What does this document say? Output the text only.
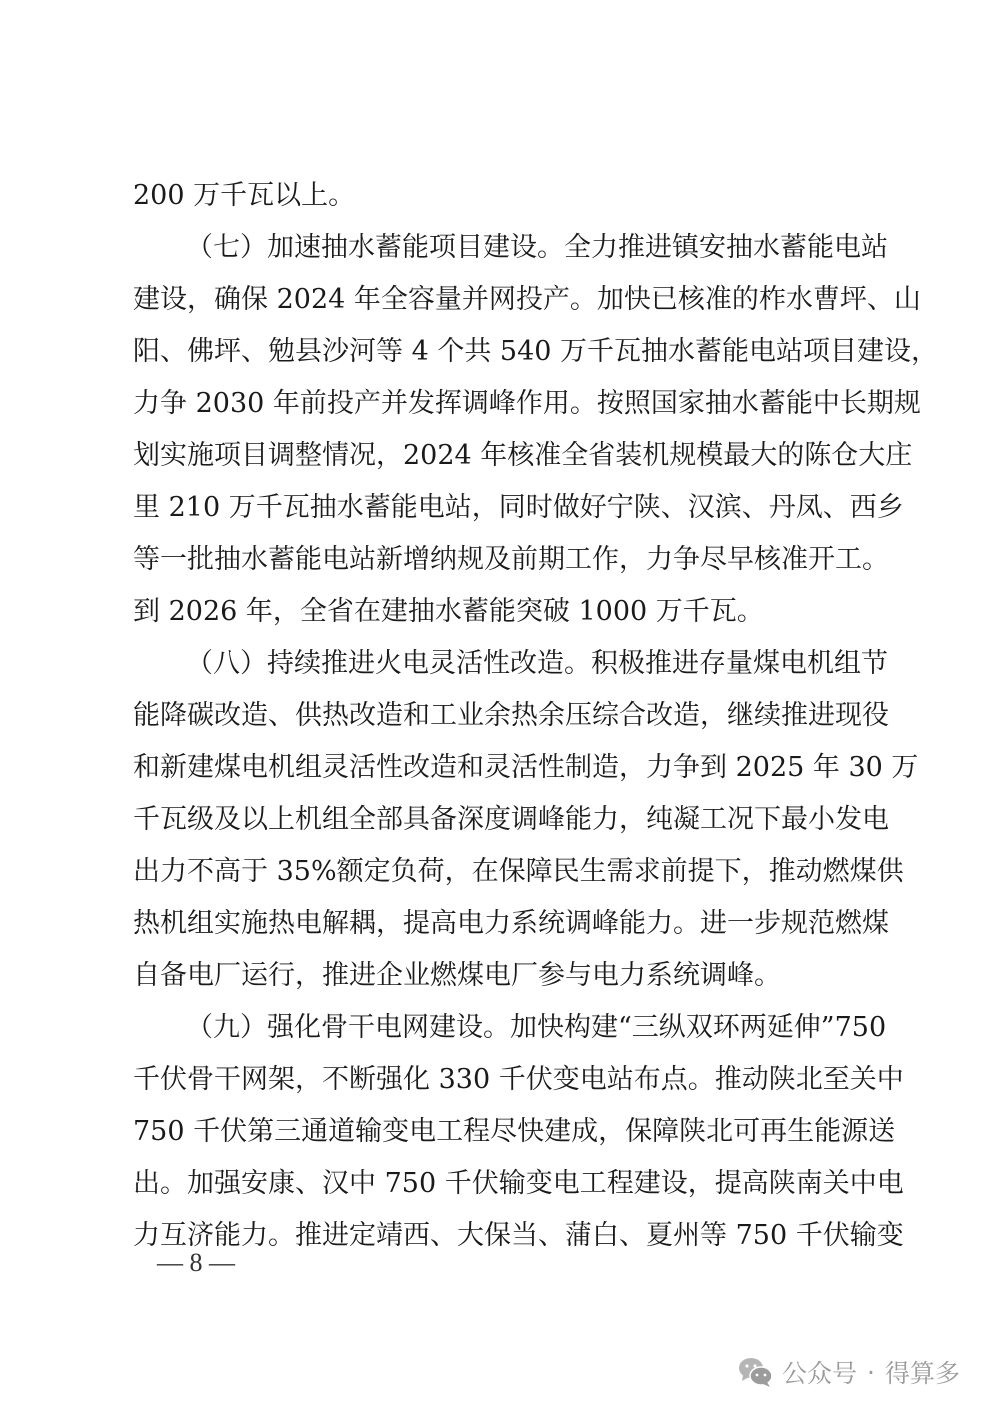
200 万千瓦以上。
（七）加速抽水蓄能项目建设。全力推进镇安抽水蓄能电站
建设，确保 2024 年全容量并网投产。加快已核准的柞水曹坪、山
阳、佛坪、勉县沙河等 4 个共 540 万千瓦抽水蓄能电站项目建设，
力争 2030 年前投产并发挥调峰作用。按照国家抽水蓄能中长期规
划实施项目调整情况，2024 年核准全省装机规模最大的陈仓大庄
里 210 万千瓦抽水蓄能电站，同时做好宁陕、汉滨、丹凤、西乡
等一批抽水蓄能电站新增纳规及前期工作，力争尽早核准开工。
到 2026 年，全省在建抽水蓄能突破 1000 万千瓦。
（八）持续推进火电灵活性改造。积极推进存量煤电机组节
能降碳改造、供热改造和工业余热余压综合改造，继续推进现役
和新建煤电机组灵活性改造和灵活性制造，力争到 2025 年 30 万
千瓦级及以上机组全部具备深度调峰能力，纯凝工况下最小发电
出力不高于 35%额定负荷，在保障民生需求前提下，推动燃煤供
热机组实施热电解耦，提高电力系统调峰能力。进一步规范燃煤
自备电厂运行，推进企业燃煤电厂参与电力系统调峰。
（九）强化骨干电网建设。加快构建“三纵双环两延伸”750
千伏骨干网架，不断强化 330 千伏变电站布点。推动陕北至关中
750 千伏第三通道输变电工程尽快建成，保障陕北可再生能源送
出。加强安康、汉中 750 千伏输变电工程建设，提高陕南关中电
力互济能力。推进定靖西、大保当、蒲白、夏州等 750 千伏输变
— 8 —
公众号 · 得算多
